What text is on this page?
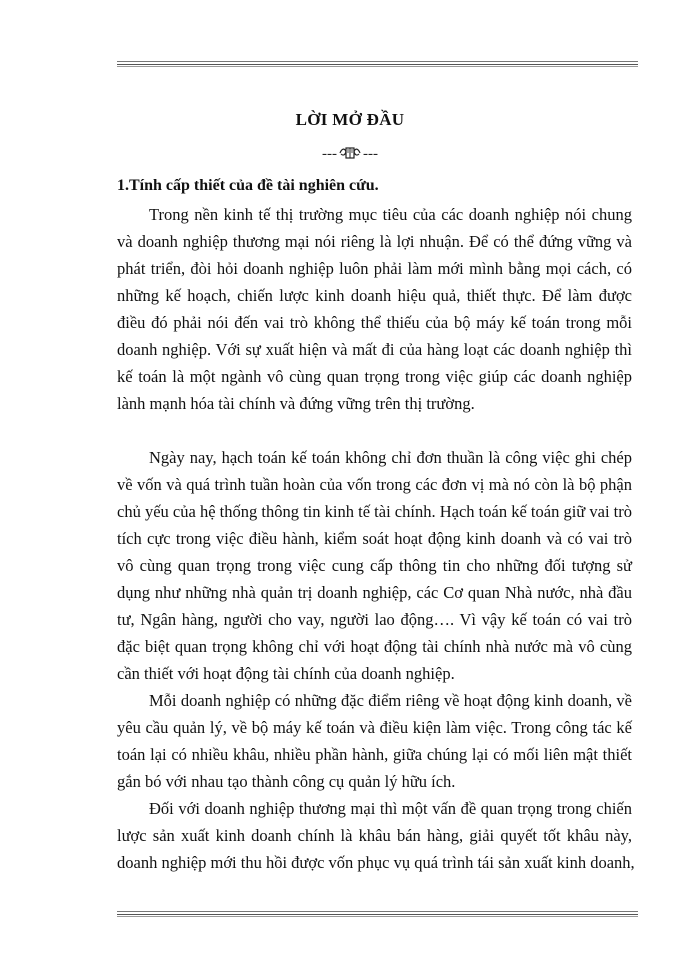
LỜI MỞ ĐẦU
--- ---
1.Tính cấp thiết của đề tài nghiên cứu.
Trong nền kinh tế thị trường mục tiêu của các doanh nghiệp nói chung
và doanh nghiệp thương mại nói riêng là lợi nhuận. Để có thể đứng vững và
phát triển, đòi hỏi doanh nghiệp luôn phải làm mới mình bằng mọi cách, có
những kế hoạch, chiến lược kinh doanh hiệu quả, thiết thực. Để làm được
điều đó phải nói đến vai trò không thể thiếu của bộ máy kế toán trong mỗi
doanh nghiệp. Với sự xuất hiện và mất đi của hàng loạt các doanh nghiệp thì
kế toán là một ngành vô cùng quan trọng trong việc giúp các doanh nghiệp
lành mạnh hóa tài chính và đứng vững trên thị trường.
Ngày nay, hạch toán kế toán không chỉ đơn thuần là công việc ghi chép
về vốn và quá trình tuần hoàn của vốn trong các đơn vị mà nó còn là bộ phận
chủ yếu của hệ thống thông tin kinh tế tài chính. Hạch toán kế toán giữ vai trò
tích cực trong việc điều hành, kiểm soát hoạt động kinh doanh và có vai trò
vô cùng quan trọng trong việc cung cấp thông tin cho những đối tượng sử
dụng như những nhà quản trị doanh nghiệp, các Cơ quan Nhà nước, nhà đầu
tư, Ngân hàng, người cho vay, người lao động…. Vì vậy kế toán có vai trò
đặc biệt quan trọng không chỉ với hoạt động tài chính nhà nước mà vô cùng
cần thiết với hoạt động tài chính của doanh nghiệp.
Mỗi doanh nghiệp có những đặc điểm riêng về hoạt động kinh doanh, về
yêu cầu quản lý, về bộ máy kế toán và điều kiện làm việc. Trong công tác kế
toán lại có nhiều khâu, nhiều phần hành, giữa chúng lại có mối liên mật thiết
gắn bó với nhau tạo thành công cụ quản lý hữu ích.
Đối với doanh nghiệp thương mại thì một vấn đề quan trọng trong chiến
lược sản xuất kinh doanh chính là khâu bán hàng, giải quyết tốt khâu này,
doanh nghiệp mới thu hồi được vốn phục vụ quá trình tái sản xuất kinh doanh,
